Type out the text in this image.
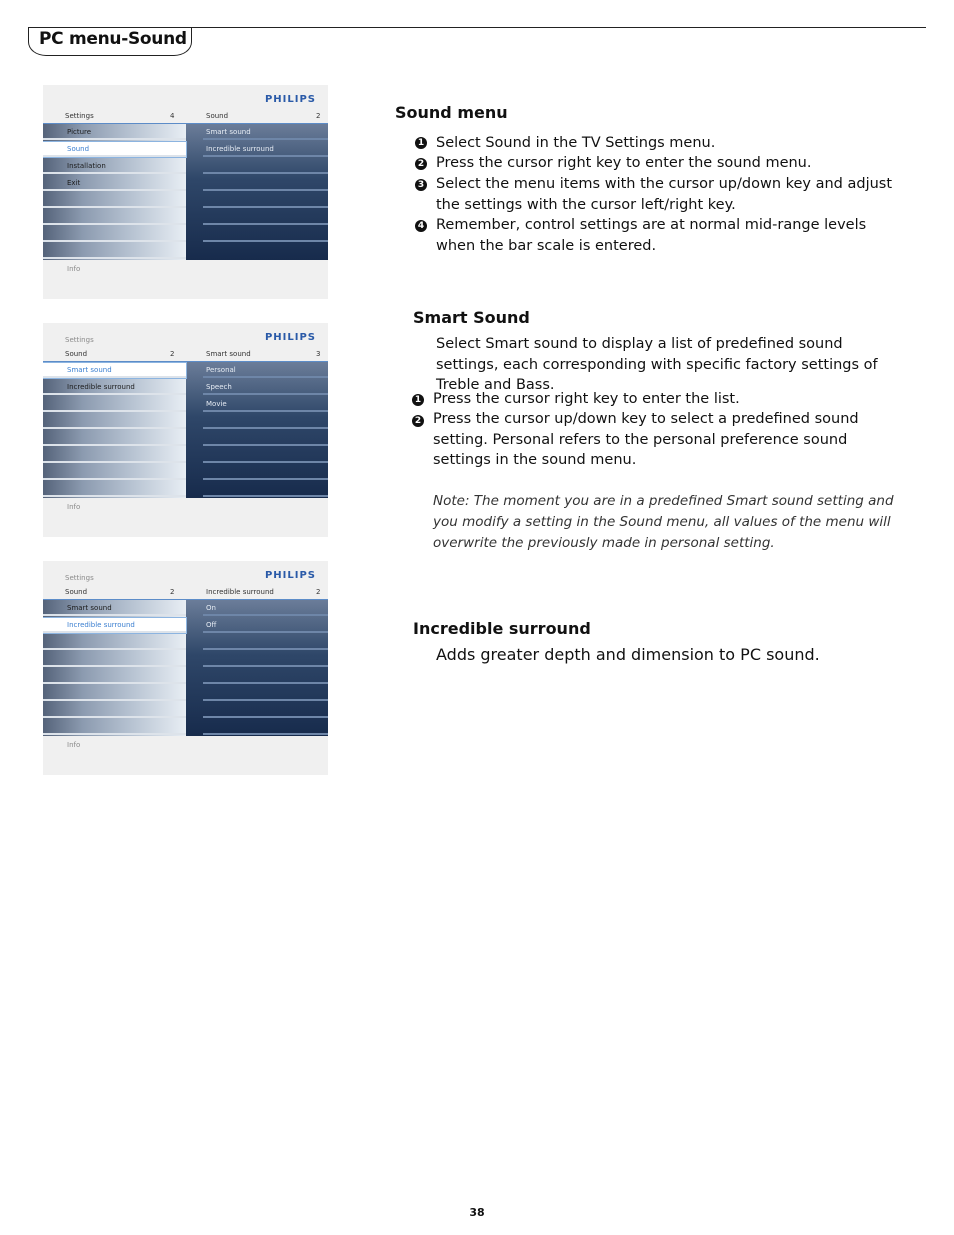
PC menu-Sound
PHILIPS
Settings	4	Sound	2
Picture
Sound
Installation
Exit
Smart sound
Incredible surround
Info
Settings	PHILIPS
Sound	2	Smart sound	3
Smart sound
Incredible surround
Personal
Speech
Movie
Info
Settings	PHILIPS
Sound	2	Incredible surround	2
Smart sound
Incredible surround
On
Off
Info
Sound menu
1 Select Sound in the TV Settings menu.
2 Press the cursor right key to enter the sound menu.
3 Select the menu items with the cursor up/down key and adjust the settings with the cursor left/right key.
4 Remember, control settings are at normal mid-range levels when the bar scale is entered.
Smart Sound
Select Smart sound to display a list of predefined sound settings, each corresponding with specific factory settings of Treble and Bass.
1 Press the cursor right key to enter the list.
2 Press the cursor up/down key to select a predefined sound setting. Personal refers to the personal preference sound settings in the sound menu.
Note: The moment you are in a predefined Smart sound setting and you modify a setting in the Sound menu, all values of the menu will overwrite the previously made in personal setting.
Incredible surround
Adds greater depth and dimension to PC sound.
38
